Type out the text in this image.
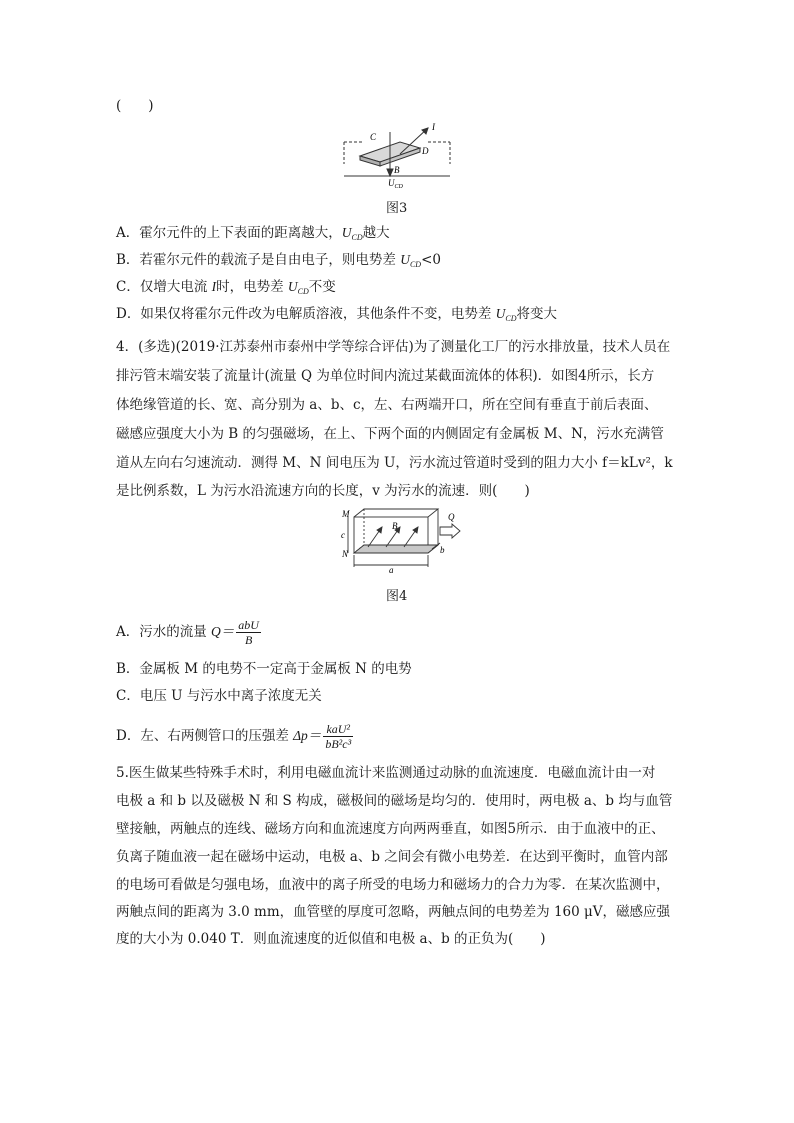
(　　)
C
I
D
B
$U_{CD}$
图3
A．霍尔元件的上下表面的距离越大，$U_{CD}$越大
B．若霍尔元件的载流子是自由电子，则电势差 $U_{CD}<0$
C．仅增大电流 I时，电势差 $U_{CD}$不变
D．如果仅将霍尔元件改为电解质溶液，其他条件不变，电势差 $U_{CD}$将变大
4．(多选)(2019·江苏泰州市泰州中学等综合评估)为了测量化工厂的污水排放量，技术人员在
排污管末端安装了流量计(流量 Q 为单位时间内流过某截面流体的体积)．如图4所示，长方
体绝缘管道的长、宽、高分别为 a、b、c，左、右两端开口，所在空间有垂直于前后表面、
磁感应强度大小为 B 的匀强磁场，在上、下两个面的内侧固定有金属板 M、N，污水充满管
道从左向右匀速流动．测得 M、N 间电压为 U，污水流过管道时受到的阻力大小 f＝kLv²，k
是比例系数，L 为污水沿流速方向的长度，v 为污水的流速．则(　　)
M
N
c
B
Q
b
a
图4
A．污水的流量 $Q= \frac{\text{abU}}{B}$
B．金属板 M 的电势不一定高于金属板 N 的电势
C．电压 U 与污水中离子浓度无关
D．左、右两侧管口的压强差 $\Delta p= \frac{\text{kaU²}}{\text{bB²c³}}$
5.医生做某些特殊手术时，利用电磁血流计来监测通过动脉的血流速度．电磁血流计由一对
电极 a 和 b 以及磁极 N 和 S 构成，磁极间的磁场是均匀的．使用时，两电极 a、b 均与血管
壁接触，两触点的连线、磁场方向和血流速度方向两两垂直，如图5所示．由于血液中的正、
负离子随血液一起在磁场中运动，电极 a、b 之间会有微小电势差．在达到平衡时，血管内部
的电场可看做是匀强电场，血液中的离子所受的电场力和磁场力的合力为零．在某次监测中，
两触点间的距离为 3.0 mm，血管壁的厚度可忽略，两触点间的电势差为 160 μV，磁感应强
度的大小为 0.040 T．则血流速度的近似值和电极 a、b 的正负为(　　)
